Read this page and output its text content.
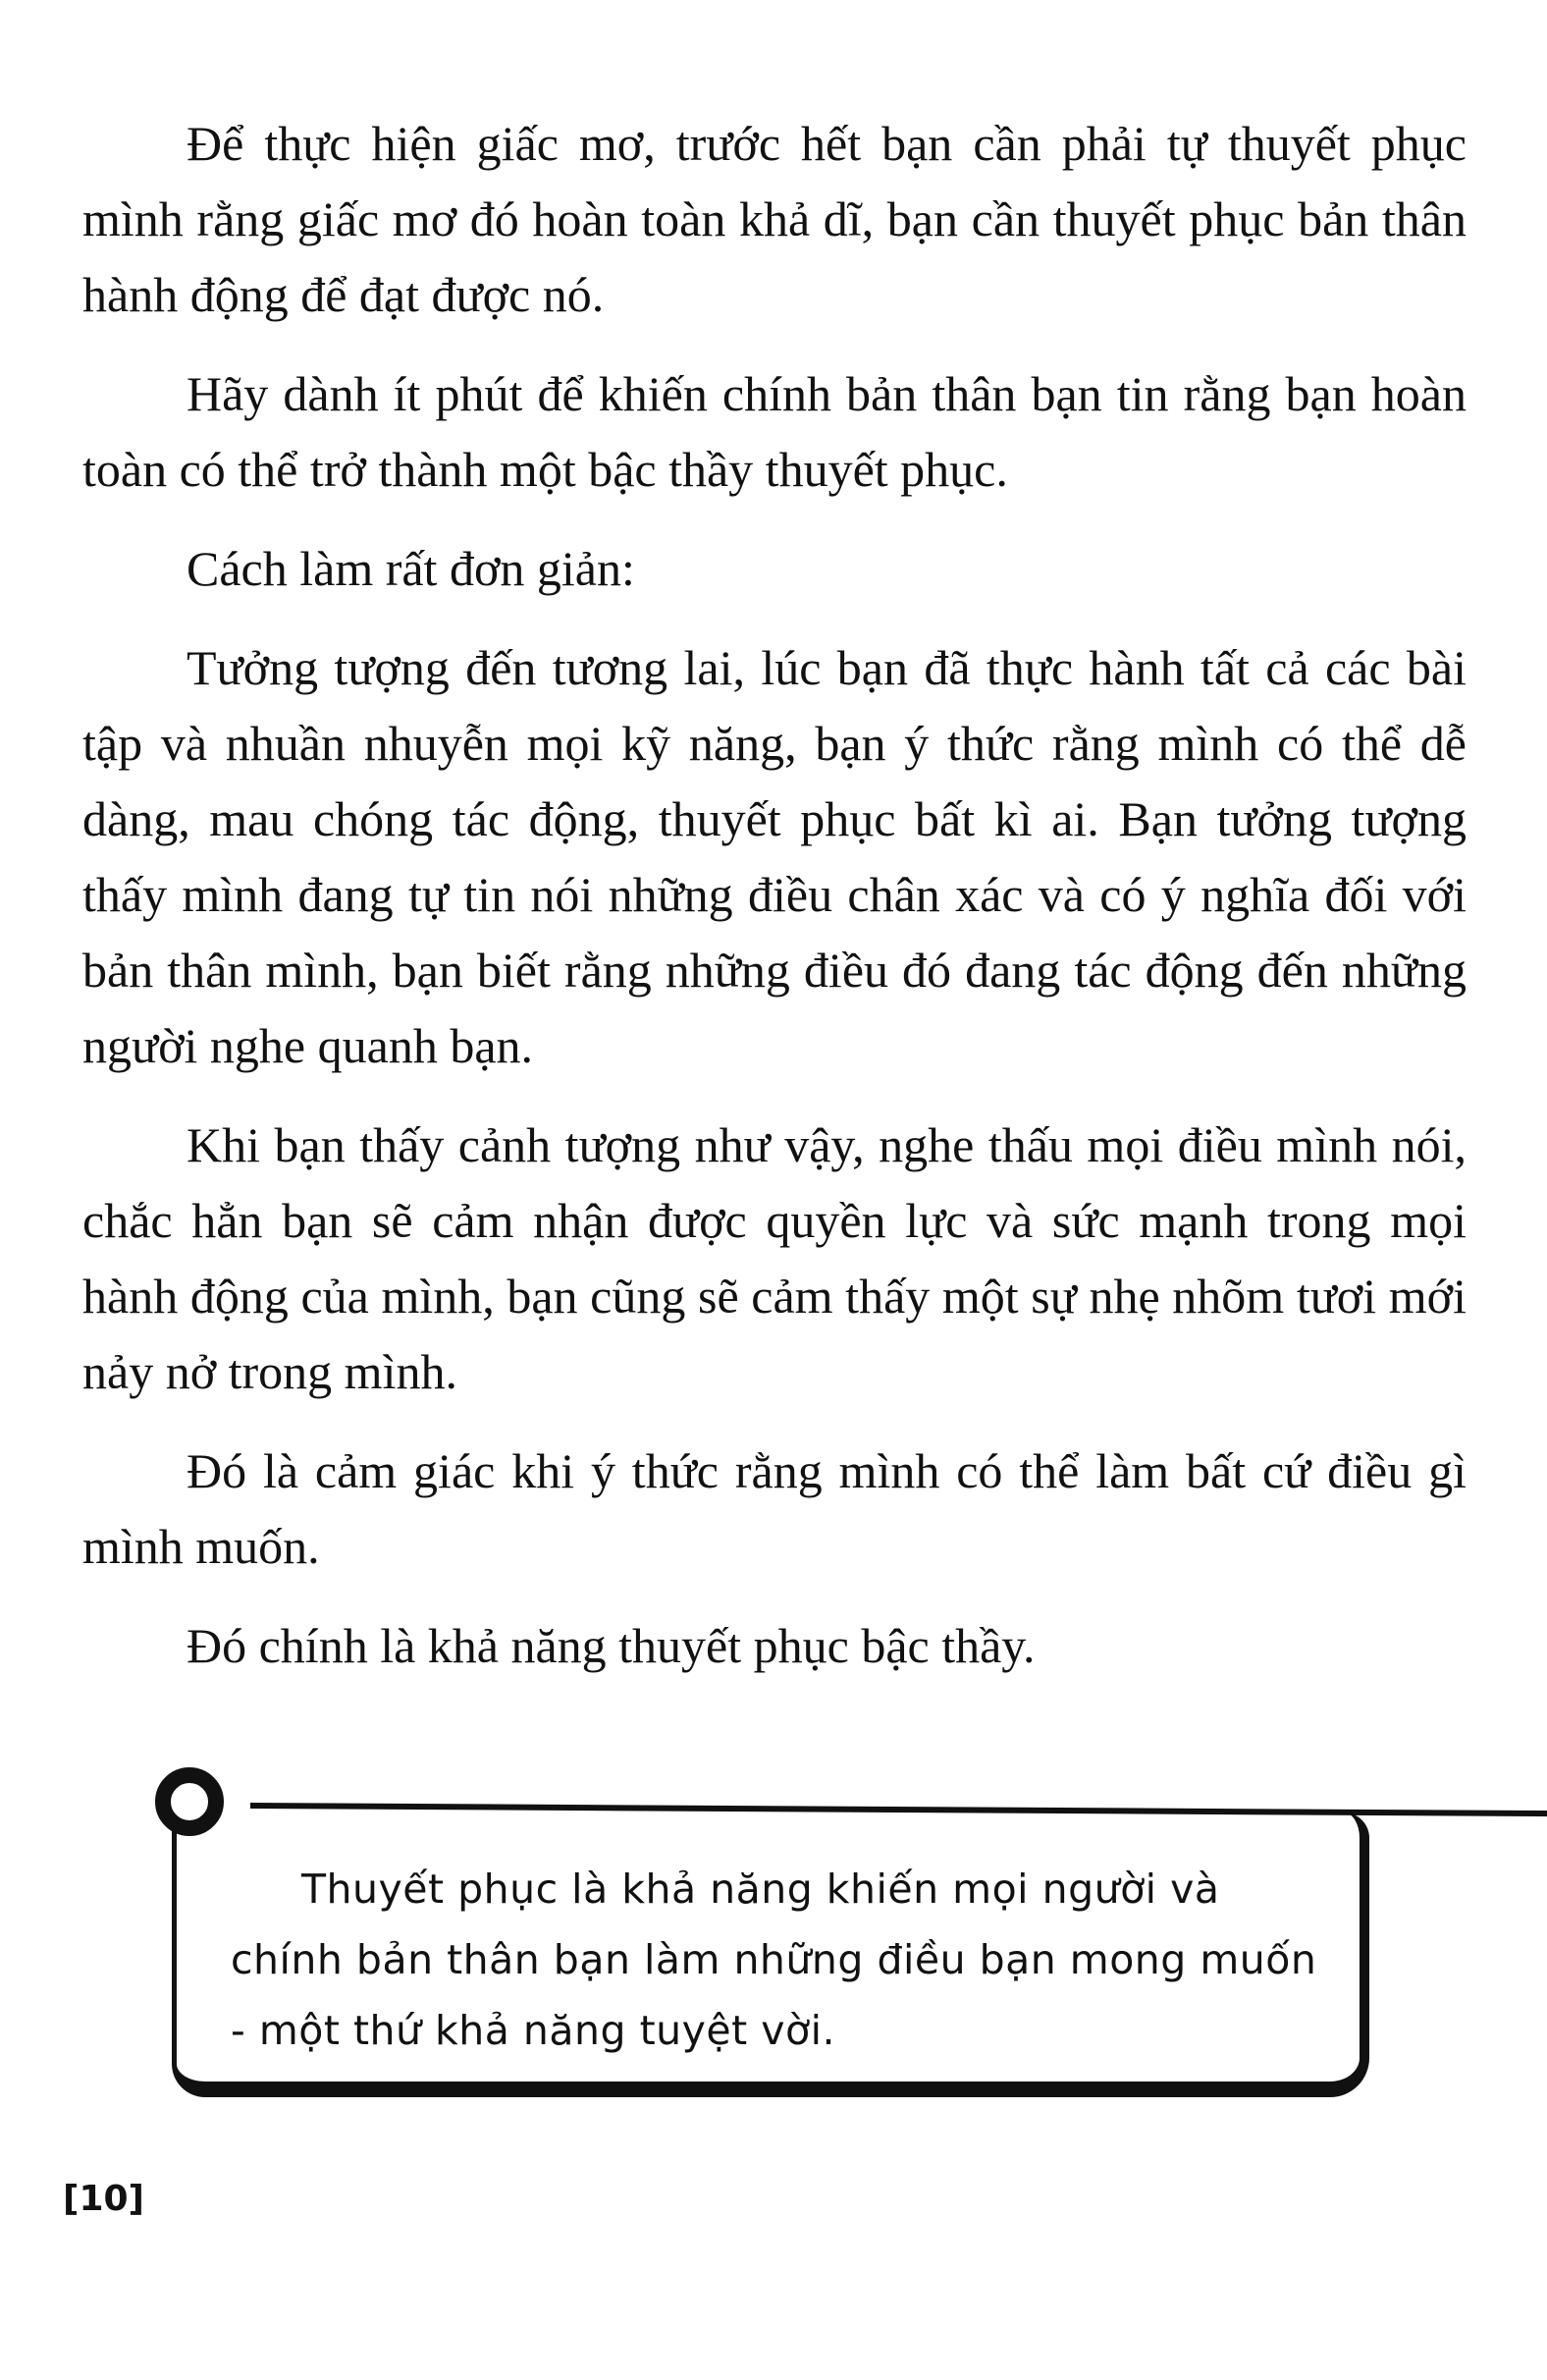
Để thực hiện giấc mơ, trước hết bạn cần phải tự thuyết phục mình rằng giấc mơ đó hoàn toàn khả dĩ, bạn cần thuyết phục bản thân hành động để đạt được nó.

Hãy dành ít phút để khiến chính bản thân bạn tin rằng bạn hoàn toàn có thể trở thành một bậc thầy thuyết phục.

Cách làm rất đơn giản:

Tưởng tượng đến tương lai, lúc bạn đã thực hành tất cả các bài tập và nhuần nhuyễn mọi kỹ năng, bạn ý thức rằng mình có thể dễ dàng, mau chóng tác động, thuyết phục bất kì ai. Bạn tưởng tượng thấy mình đang tự tin nói những điều chân xác và có ý nghĩa đối với bản thân mình, bạn biết rằng những điều đó đang tác động đến những người nghe quanh bạn.

Khi bạn thấy cảnh tượng như vậy, nghe thấu mọi điều mình nói, chắc hẳn bạn sẽ cảm nhận được quyền lực và sức mạnh trong mọi hành động của mình, bạn cũng sẽ cảm thấy một sự nhẹ nhõm tươi mới nảy nở trong mình.

Đó là cảm giác khi ý thức rằng mình có thể làm bất cứ điều gì mình muốn.

Đó chính là khả năng thuyết phục bậc thầy.

Thuyết phục là khả năng khiến mọi người và chính bản thân bạn làm những điều bạn mong muốn - một thứ khả năng tuyệt vời.
[10]
